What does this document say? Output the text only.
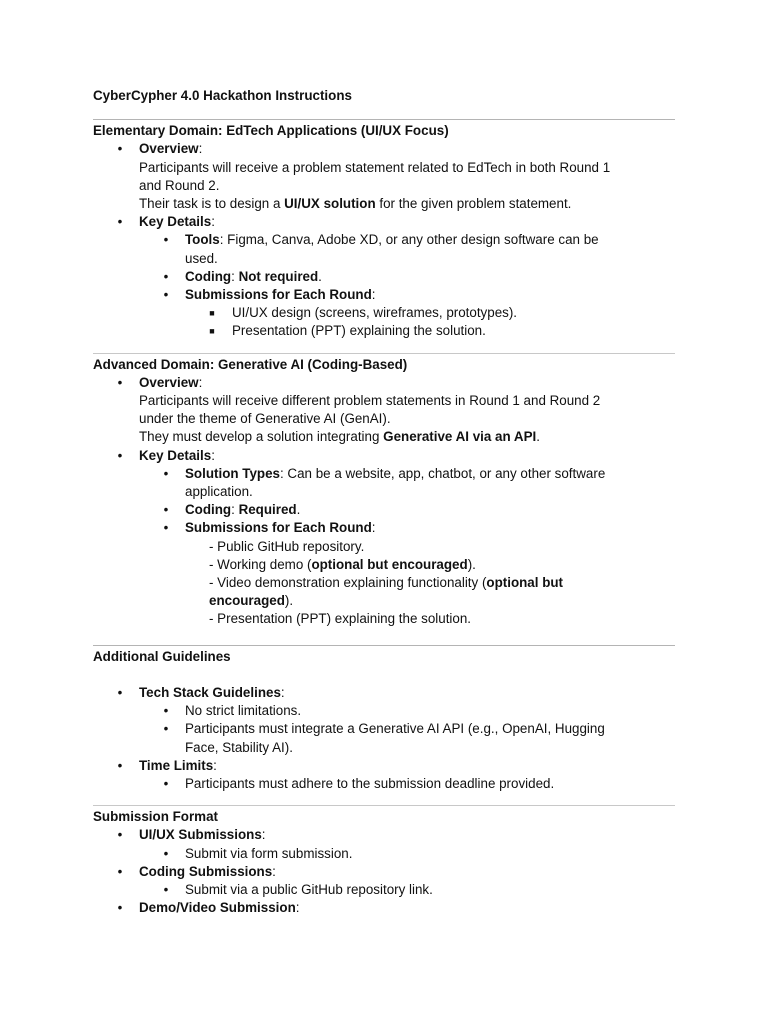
CyberCypher 4.0 Hackathon Instructions
Elementary Domain: EdTech Applications (UI/UX Focus)
• Overview:
Participants will receive a problem statement related to EdTech in both Round 1
and Round 2.
Their task is to design a UI/UX solution for the given problem statement.
• Key Details:
• Tools: Figma, Canva, Adobe XD, or any other design software can be
used.
• Coding: Not required.
• Submissions for Each Round:
■ UI/UX design (screens, wireframes, prototypes).
■ Presentation (PPT) explaining the solution.
Advanced Domain: Generative AI (Coding-Based)
• Overview:
Participants will receive different problem statements in Round 1 and Round 2
under the theme of Generative AI (GenAI).
They must develop a solution integrating Generative AI via an API.
• Key Details:
• Solution Types: Can be a website, app, chatbot, or any other software
application.
• Coding: Required.
• Submissions for Each Round:
- Public GitHub repository.
- Working demo (optional but encouraged).
- Video demonstration explaining functionality (optional but
encouraged).
- Presentation (PPT) explaining the solution.
Additional Guidelines
• Tech Stack Guidelines:
• No strict limitations.
• Participants must integrate a Generative AI API (e.g., OpenAI, Hugging
Face, Stability AI).
• Time Limits:
• Participants must adhere to the submission deadline provided.
Submission Format
• UI/UX Submissions:
• Submit via form submission.
• Coding Submissions:
• Submit via a public GitHub repository link.
• Demo/Video Submission:
